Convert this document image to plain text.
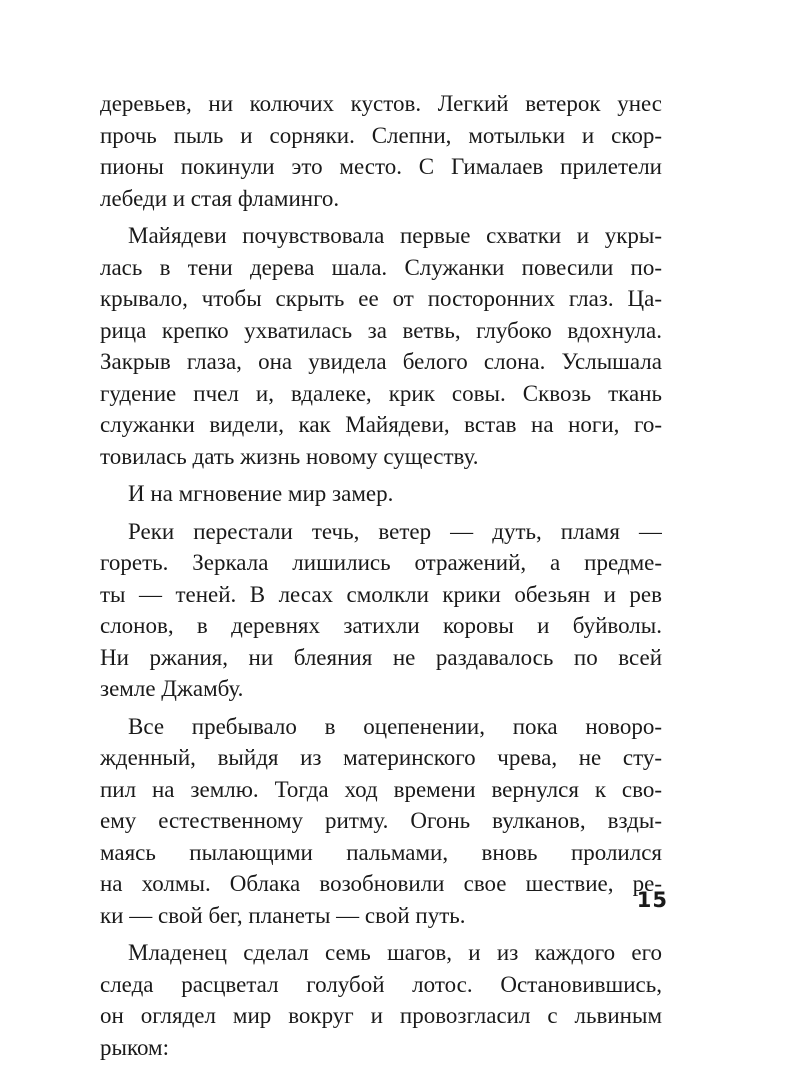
деревьев, ни колючих кустов. Легкий ветерок унес
прочь пыль и сорняки. Слепни, мотыльки и скор-
пионы покинули это место. С Гималаев прилетели
лебеди и стая фламинго.
Майядеви почувствовала первые схватки и укры-
лась в тени дерева шала. Служанки повесили по-
крывало, чтобы скрыть ее от посторонних глаз. Ца-
рица крепко ухватилась за ветвь, глубоко вдохнула.
Закрыв глаза, она увидела белого слона. Услышала
гудение пчел и, вдалеке, крик совы. Сквозь ткань
служанки видели, как Майядеви, встав на ноги, го-
товилась дать жизнь новому существу.
И на мгновение мир замер.
Реки перестали течь, ветер — дуть, пламя —
гореть. Зеркала лишились отражений, а предме-
ты — теней. В лесах смолкли крики обезьян и рев
слонов, в деревнях затихли коровы и буйволы.
Ни ржания, ни блеяния не раздавалось по всей
земле Джамбу.
Все пребывало в оцепенении, пока новоро-
жденный, выйдя из материнского чрева, не сту-
пил на землю. Тогда ход времени вернулся к сво-
ему естественному ритму. Огонь вулканов, взды-
маясь пылающими пальмами, вновь пролился
на холмы. Облака возобновили свое шествие, ре-
ки — свой бег, планеты — свой путь.
Младенец сделал семь шагов, и из каждого его
следа расцветал голубой лотос. Остановившись,
он оглядел мир вокруг и провозгласил с львиным
рыком:
15
